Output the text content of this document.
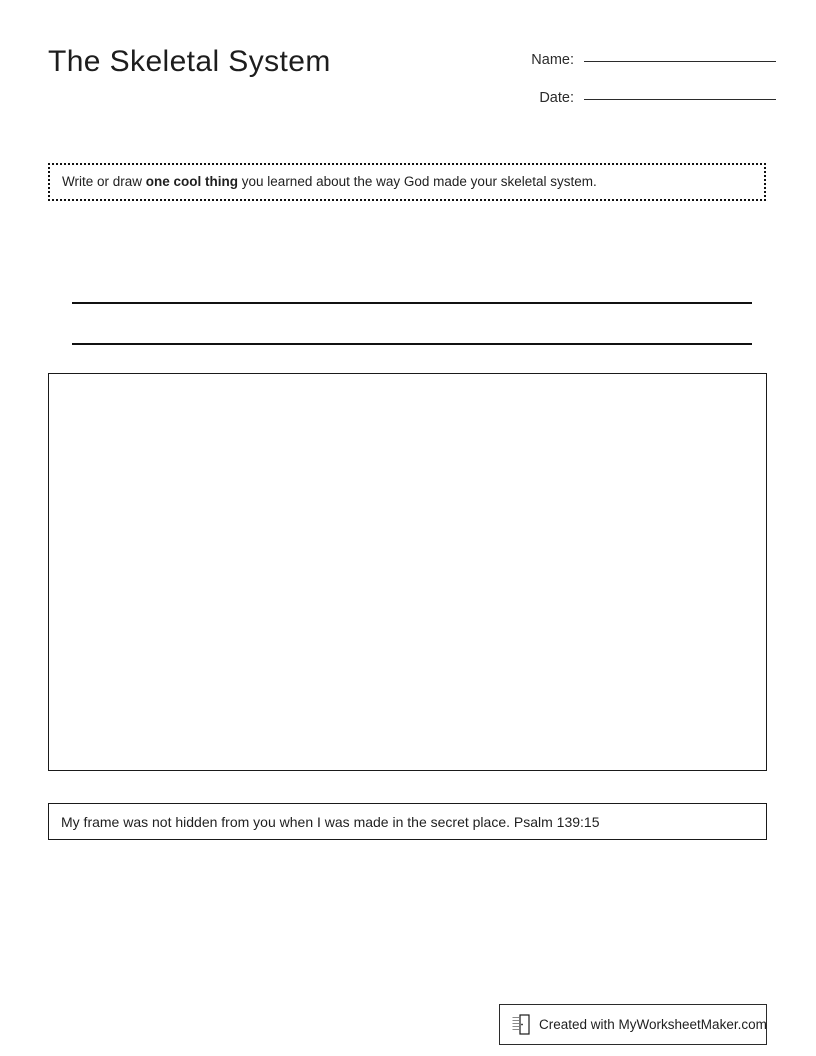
The Skeletal System	Name:
Date:
Write or draw one cool thing you learned about the way God made your skeletal system.
My frame was not hidden from you when I was made in the secret place. Psalm 139:15
Created with MyWorksheetMaker.com
